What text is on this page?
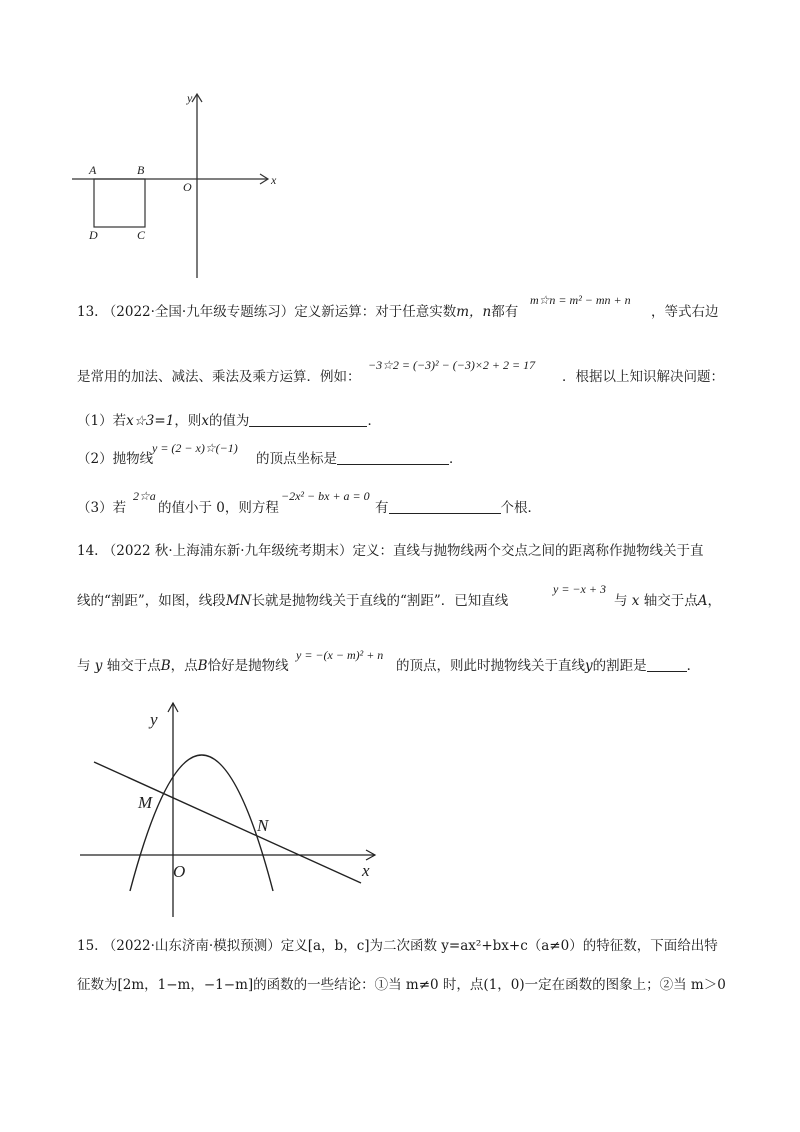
y
x
O
A	B
D	C
13. （2022·全国·九年级专题练习）定义新运算：对于任意实数m，n都有
m☆n = m² − mn + n
，等式右边
是常用的加法、减法、乘法及乘方运算．例如：
−3☆2 = (−3)² − (−3)×2 + 2 = 17
．根据以上知识解决问题：
（1）若x☆3=1，则x的值为	．
（2）抛物线
y = (2 − x)☆(−1)
的顶点坐标是	．
（3）若
2☆a
的值小于 0，则方程
−2x² − bx + a = 0
有	个根．
14. （2022 秋·上海浦东新·九年级统考期末）定义：直线与抛物线两个交点之间的距离称作抛物线关于直
线的“割距”，如图，线段MN长就是抛物线关于直线的“割距”．已知直线
y = −x + 3
与 x 轴交于点A，
与 y 轴交于点B，点B恰好是抛物线
y = −(x − m)² + n
的顶点，则此时抛物线关于直线y的割距是	．
y
x
O
M
N
15. （2022·山东济南·模拟预测）定义[a，b，c]为二次函数 y=ax²+bx+c（a≠0）的特征数，下面给出特
征数为[2m，1−m，−1−m]的函数的一些结论：①当 m≠0 时，点(1，0)一定在函数的图象上；②当 m＞0
